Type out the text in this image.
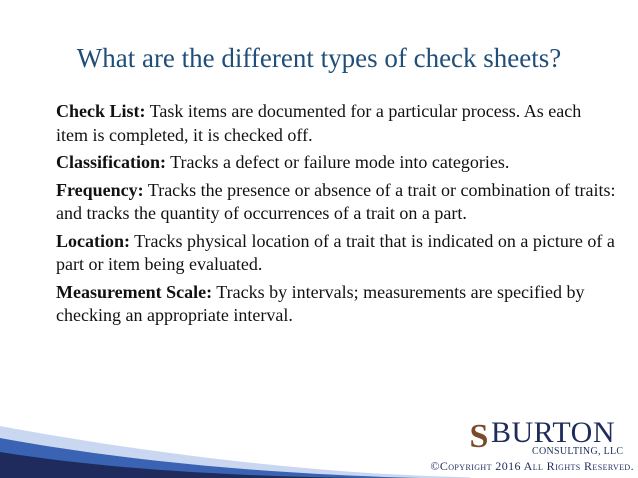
What are the different types of check sheets?

Check List: Task items are documented for a particular process. As each item is completed, it is checked off.

Classification: Tracks a defect or failure mode into categories.

Frequency: Tracks the presence or absence of a trait or combination of traits: and tracks the quantity of occurrences of a trait on a part.

Location: Tracks physical location of a trait that is indicated on a picture of a part or item being evaluated.

Measurement Scale: Tracks by intervals; measurements are specified by checking an appropriate interval.

S BURTON
CONSULTING, LLC
©Copyright 2016 All Rights Reserved.
